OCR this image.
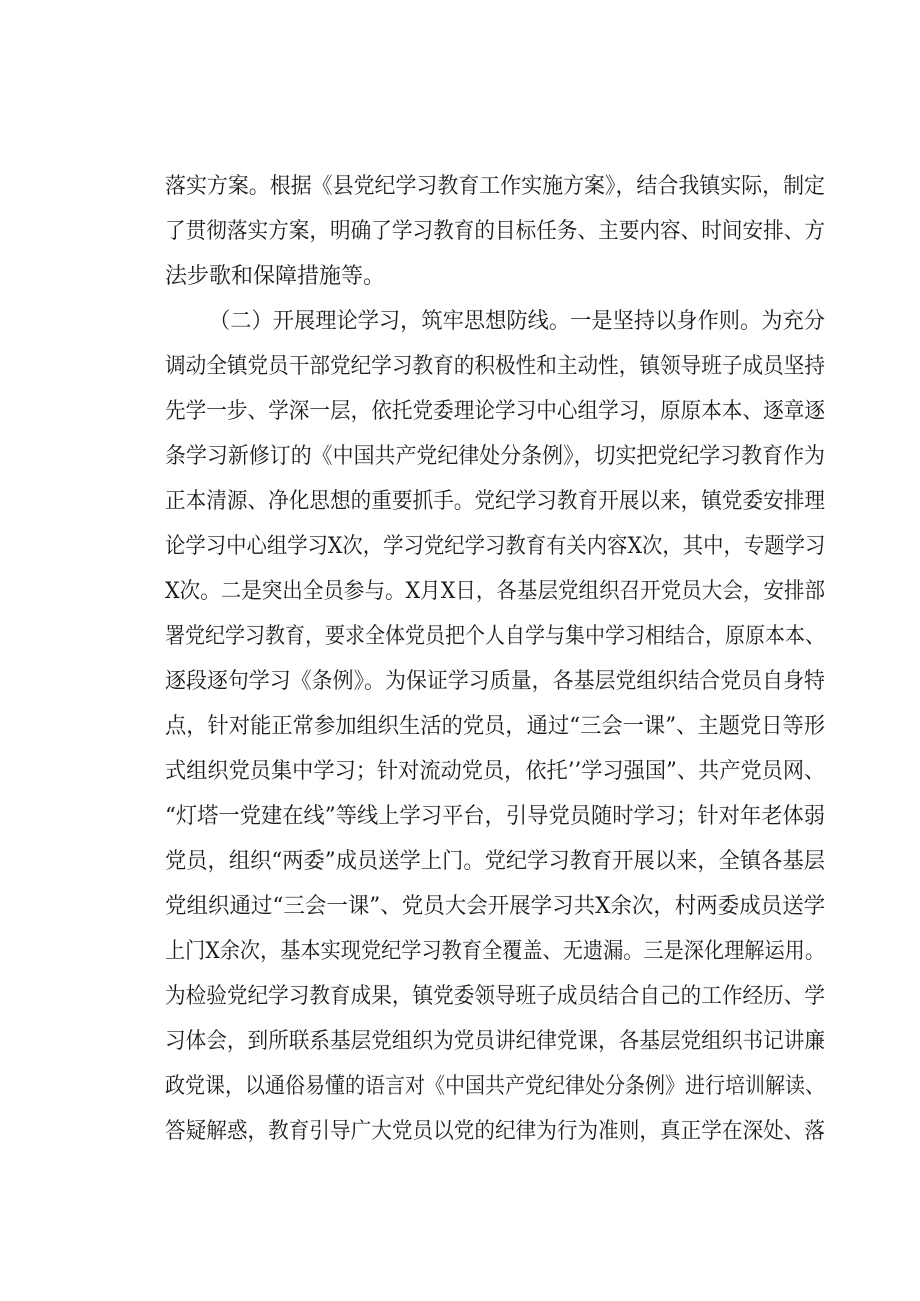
落实方案。根据《县党纪学习教育工作实施方案》，结合我镇实际，制定
了贯彻落实方案，明确了学习教育的目标任务、主要内容、时间安排、方
法步歌和保障措施等。
（二）开展理论学习，筑牢思想防线。一是坚持以身作则。为充分
调动全镇党员干部党纪学习教育的积极性和主动性，镇领导班子成员坚持
先学一步、学深一层，依托党委理论学习中心组学习，原原本本、逐章逐
条学习新修订的《中国共产党纪律处分条例》，切实把党纪学习教育作为
正本清源、净化思想的重要抓手。党纪学习教育开展以来，镇党委安排理
论学习中心组学习X次，学习党纪学习教育有关内容X次，其中，专题学习
X次。二是突出全员参与。X月X日，各基层党组织召开党员大会，安排部
署党纪学习教育，要求全体党员把个人自学与集中学习相结合，原原本本、
逐段逐句学习《条例》。为保证学习质量，各基层党组织结合党员自身特
点，针对能正常参加组织生活的党员，通过“三会一课”、主题党日等形
式组织党员集中学习；针对流动党员，依托’’学习强国”、共产党员网、
“灯塔一党建在线”等线上学习平台，引导党员随时学习；针对年老体弱
党员，组织“两委”成员送学上门。党纪学习教育开展以来，全镇各基层
党组织通过“三会一课”、党员大会开展学习共X余次，村两委成员送学
上门X余次，基本实现党纪学习教育全覆盖、无遗漏。三是深化理解运用。
为检验党纪学习教育成果，镇党委领导班子成员结合自己的工作经历、学
习体会，到所联系基层党组织为党员讲纪律党课，各基层党组织书记讲廉
政党课，以通俗易懂的语言对《中国共产党纪律处分条例》进行培训解读、
答疑解惑，教育引导广大党员以党的纪律为行为准则，真正学在深处、落
